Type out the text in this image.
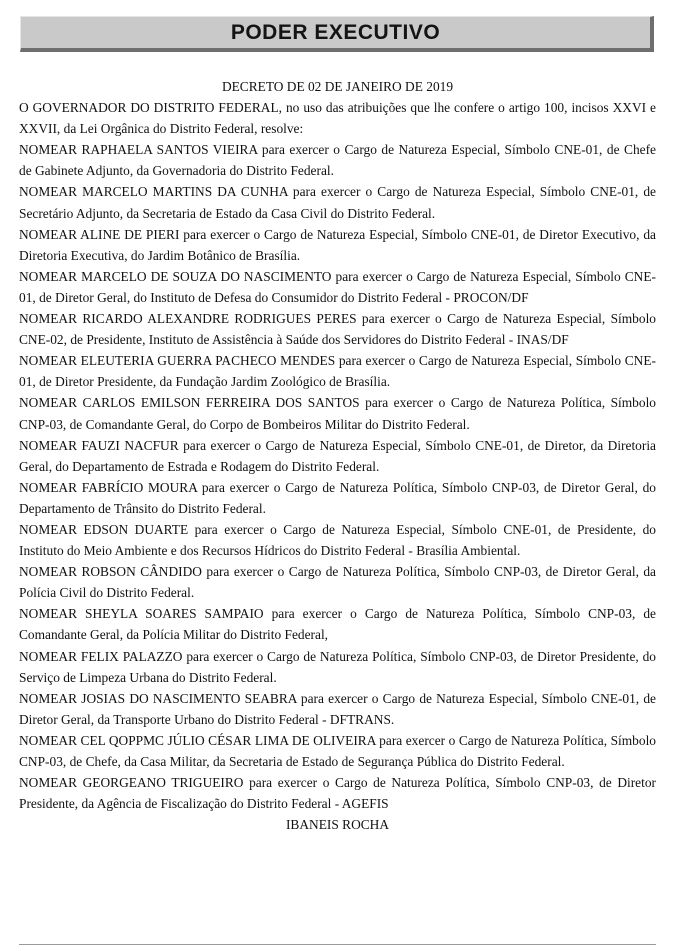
PODER EXECUTIVO

DECRETO DE 02 DE JANEIRO DE 2019

O GOVERNADOR DO DISTRITO FEDERAL, no uso das atribuições que lhe confere o artigo 100, incisos XXVI e XXVII, da Lei Orgânica do Distrito Federal, resolve:

NOMEAR RAPHAELA SANTOS VIEIRA para exercer o Cargo de Natureza Especial, Símbolo CNE-01, de Chefe de Gabinete Adjunto, da Governadoria do Distrito Federal.

NOMEAR MARCELO MARTINS DA CUNHA para exercer o Cargo de Natureza Especial, Símbolo CNE-01, de Secretário Adjunto, da Secretaria de Estado da Casa Civil do Distrito Federal.

NOMEAR ALINE DE PIERI para exercer o Cargo de Natureza Especial, Símbolo CNE-01, de Diretor Executivo, da Diretoria Executiva, do Jardim Botânico de Brasília.

NOMEAR MARCELO DE SOUZA DO NASCIMENTO para exercer o Cargo de Natureza Especial, Símbolo CNE-01, de Diretor Geral, do Instituto de Defesa do Consumidor do Distrito Federal - PROCON/DF

NOMEAR RICARDO ALEXANDRE RODRIGUES PERES para exercer o Cargo de Natureza Especial, Símbolo CNE-02, de Presidente, Instituto de Assistência à Saúde dos Servidores do Distrito Federal - INAS/DF

NOMEAR ELEUTERIA GUERRA PACHECO MENDES para exercer o Cargo de Natureza Especial, Símbolo CNE-01, de Diretor Presidente, da Fundação Jardim Zoológico de Brasília.

NOMEAR CARLOS EMILSON FERREIRA DOS SANTOS para exercer o Cargo de Natureza Política, Símbolo CNP-03, de Comandante Geral, do Corpo de Bombeiros Militar do Distrito Federal.

NOMEAR FAUZI NACFUR para exercer o Cargo de Natureza Especial, Símbolo CNE-01, de Diretor, da Diretoria Geral, do Departamento de Estrada e Rodagem do Distrito Federal.

NOMEAR FABRÍCIO MOURA para exercer o Cargo de Natureza Política, Símbolo CNP-03, de Diretor Geral, do Departamento de Trânsito do Distrito Federal.

NOMEAR EDSON DUARTE para exercer o Cargo de Natureza Especial, Símbolo CNE-01, de Presidente, do Instituto do Meio Ambiente e dos Recursos Hídricos do Distrito Federal - Brasília Ambiental.

NOMEAR ROBSON CÂNDIDO para exercer o Cargo de Natureza Política, Símbolo CNP-03, de Diretor Geral, da Polícia Civil do Distrito Federal.

NOMEAR SHEYLA SOARES SAMPAIO para exercer o Cargo de Natureza Política, Símbolo CNP-03, de Comandante Geral, da Polícia Militar do Distrito Federal,

NOMEAR FELIX PALAZZO para exercer o Cargo de Natureza Política, Símbolo CNP-03, de Diretor Presidente, do Serviço de Limpeza Urbana do Distrito Federal.

NOMEAR JOSIAS DO NASCIMENTO SEABRA para exercer o Cargo de Natureza Especial, Símbolo CNE-01, de Diretor Geral, da Transporte Urbano do Distrito Federal - DFTRANS.

NOMEAR CEL QOPPMC JÚLIO CÉSAR LIMA DE OLIVEIRA para exercer o Cargo de Natureza Política, Símbolo CNP-03, de Chefe, da Casa Militar, da Secretaria de Estado de Segurança Pública do Distrito Federal.

NOMEAR GEORGEANO TRIGUEIRO para exercer o Cargo de Natureza Política, Símbolo CNP-03, de Diretor Presidente, da Agência de Fiscalização do Distrito Federal - AGEFIS

IBANEIS ROCHA
